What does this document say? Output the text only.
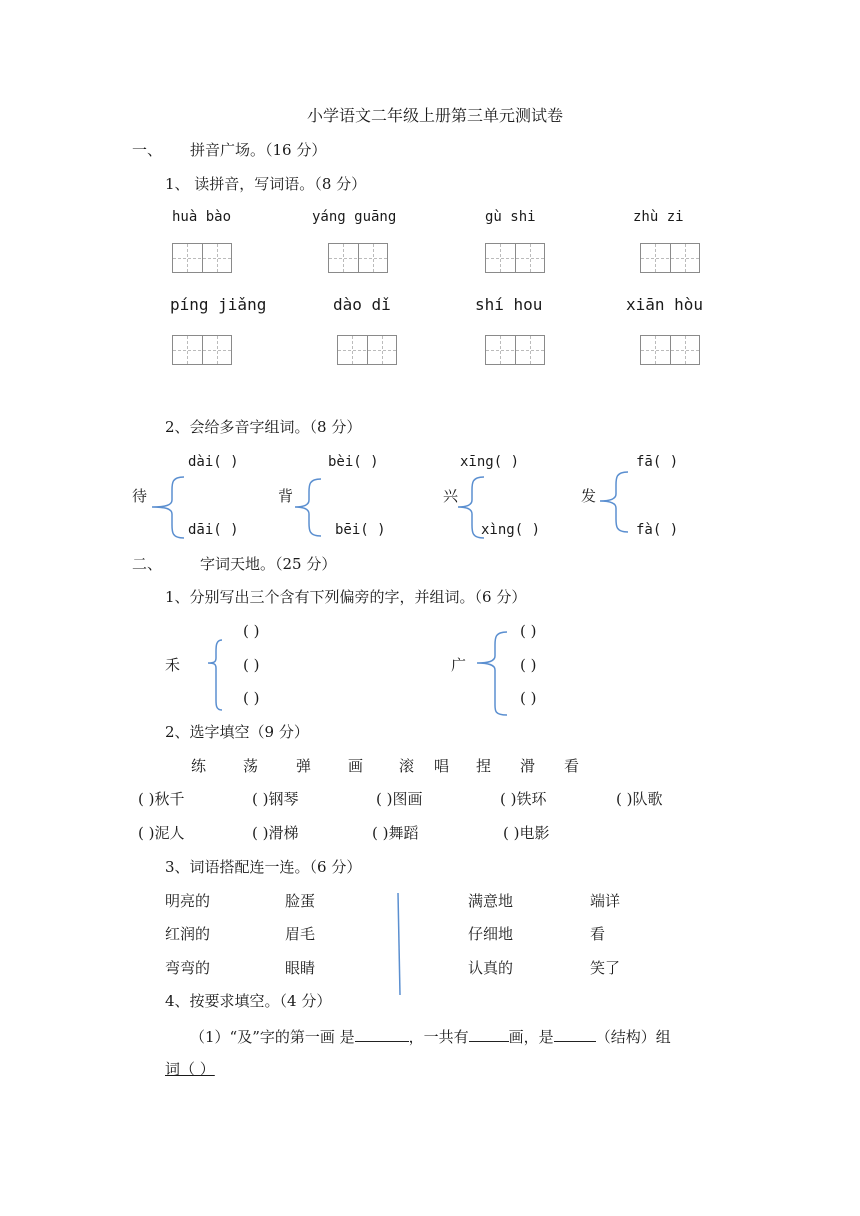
小学语文二年级上册第三单元测试卷
一、 拼音广场。（16 分）
1、 读拼音，写词语。（8 分）
huà bào	yáng guāng	gù shi	zhù zi
píng jiǎng	dào dǐ	shí hou	xiān hòu
2、会给多音字组词。（8 分）
dài( )	bèi( )	xīng( )	fā( )
待	背	兴	发
dāi( )	bēi( )	xìng( )	fà( )
二、	字词天地。（25 分）
1、分别写出三个含有下列偏旁的字，并组词。（6 分）
( )
禾	( )
( )
( )
广	( )
( )
2、选字填空（9 分）
练 荡	弹 画 滚 唱 捏 滑 看
( )秋千	( )钢琴	( )图画	( )铁环	( )队歌
( )泥人	( )滑梯	( )舞蹈	( )电影
3、词语搭配连一连。（6 分）
明亮的	脸蛋	满意地	端详
红润的	眉毛	仔细地	看
弯弯的	眼睛	认真的	笑了
4、按要求填空。（4 分）
（1）“及”字的第一画 是	，一共有	画，是	（结构）组
词（ ）
